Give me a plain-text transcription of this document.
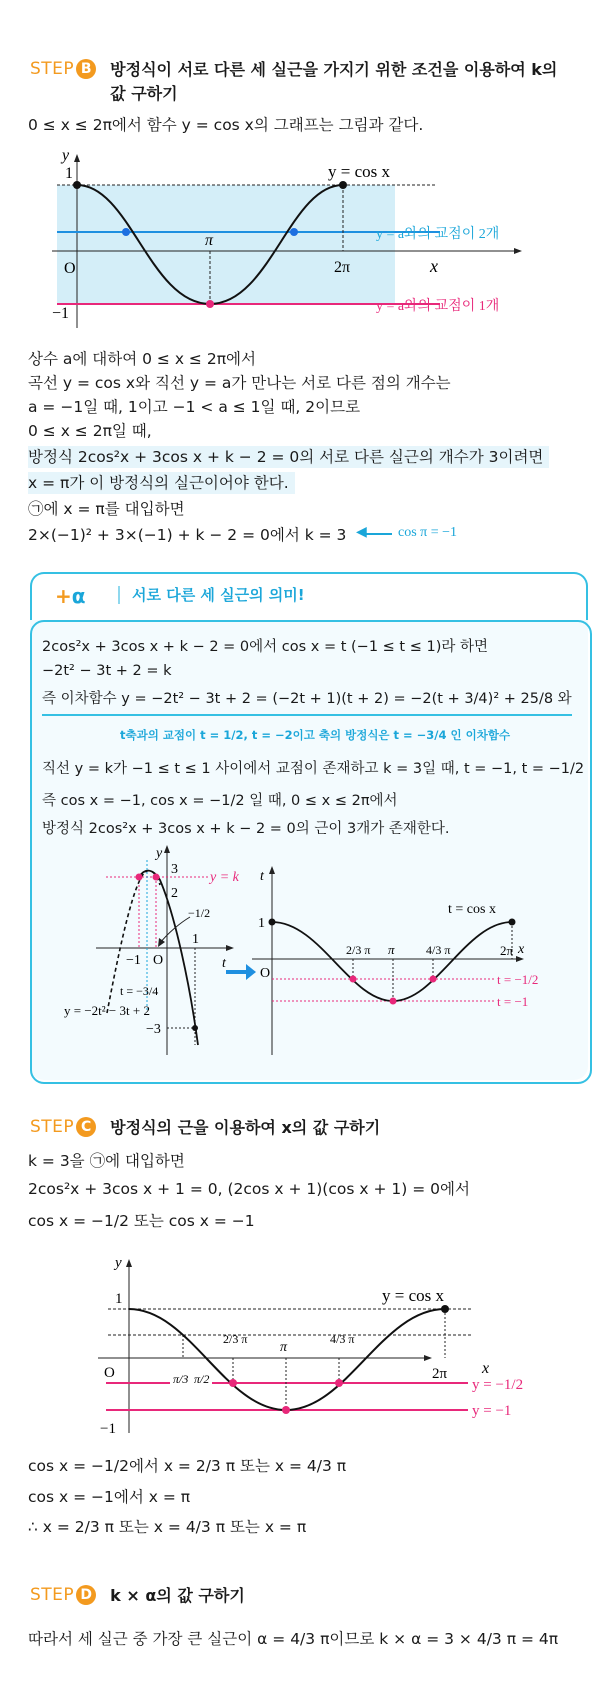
STEP B 방정식이 서로 다른 세 실근을 가지기 위한 조건을 이용하여 k의 값 구하기
0 ≤ x ≤ 2π에서 함수 y = cos x의 그래프는 그림과 같다.
y
1
O
−1
π
2π	x
y = cos x
y = a와의 교점이 2개
y = a와의 교점이 1개
상수 a에 대하여 0 ≤ x ≤ 2π에서
곡선 y = cos x와 직선 y = a가 만나는 서로 다른 점의 개수는
a = −1일 때, 1이고 −1 < a ≤ 1일 때, 2이므로
0 ≤ x ≤ 2π일 때,
방정식 2cos²x + 3cos x + k − 2 = 0의 서로 다른 실근의 개수가 3이려면
x = π가 이 방정식의 실근이어야 한다.
㉠에 x = π를 대입하면
2×(−1)² + 3×(−1) + k − 2 = 0에서 k = 3 ◀ cos π = −1
+α	서로 다른 세 실근의 의미!
2cos²x + 3cos x + k − 2 = 0에서 cos x = t (−1 ≤ t ≤ 1)라 하면
−2t² − 3t + 2 = k
즉 이차함수 y = −2t² − 3t + 2 = (−2t + 1)(t + 2) = −2(t + 3/4)² + 25/8 와
t축과의 교점이 t = 1/2, t = −2이고 축의 방정식은 t = −3/4 인 이차함수
직선 y = k가 −1 ≤ t ≤ 1 사이에서 교점이 존재하고 k = 3일 때, t = −1, t = −1/2
즉 cos x = −1, cos x = −1/2 일 때, 0 ≤ x ≤ 2π에서
방정식 2cos²x + 3cos x + k − 2 = 0의 근이 3개가 존재한다.
y
3
2
1
−1 O	t
y = k
−1/2
t = −3/4
y = −2t² − 3t + 2
−3
t
1
O
2/3 π π	4/3 π	2π x
t = cos x
t = −1/2
t = −1
STEP C	방정식의 근을 이용하여 x의 값 구하기
k = 3을 ㉠에 대입하면
2cos²x + 3cos x + 1 = 0, (2cos x + 1)(cos x + 1) = 0에서
cos x = −1/2 또는 cos x = −1
y
1
O
−1
π/3 π/2
2/3 π
π
4/3 π
2π x
y = cos x
y = −1/2
y = −1
cos x = −1/2에서 x = 2/3 π 또는 x = 4/3 π
cos x = −1에서 x = π
∴ x = 2/3 π 또는 x = 4/3 π 또는 x = π
STEP D k × α의 값 구하기
따라서 세 실근 중 가장 큰 실근이 α = 4/3 π이므로 k × α = 3 × 4/3 π = 4π
